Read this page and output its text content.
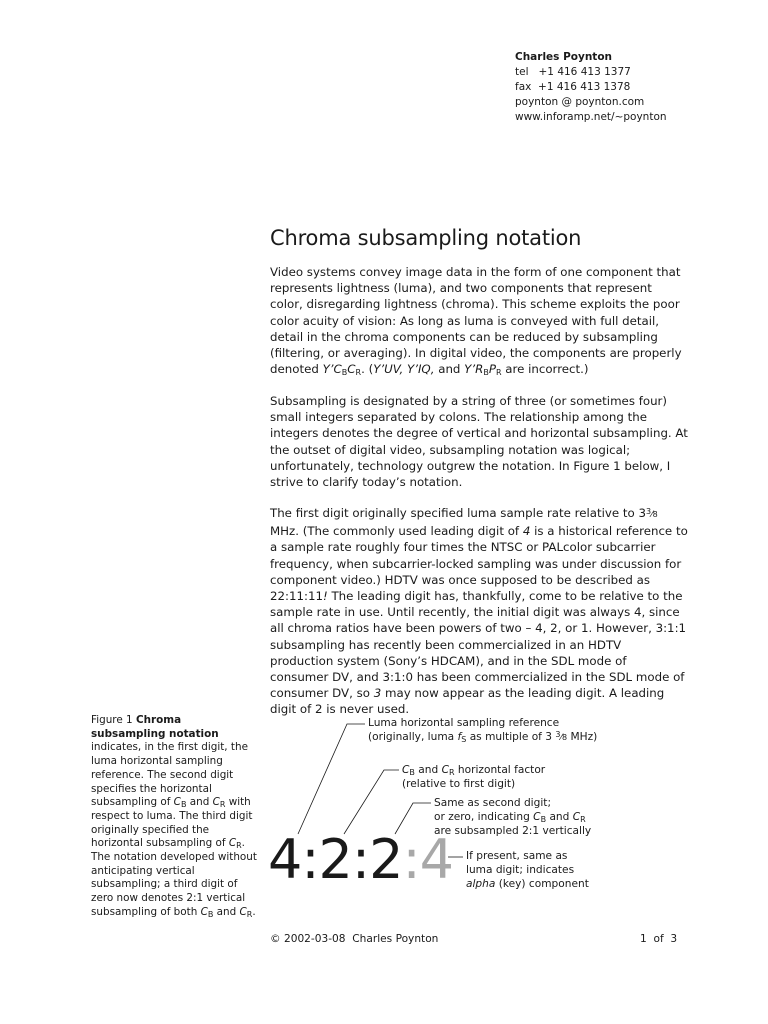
Charles Poynton
tel   +1 416 413 1377
fax  +1 416 413 1378
poynton @ poynton.com
www.inforamp.net/~poynton
Chroma subsampling notation

Video systems convey image data in the form of one component that represents lightness (luma), and two components that represent color, disregarding lightness (chroma). This scheme exploits the poor color acuity of vision: As long as luma is conveyed with full detail, detail in the chroma components can be reduced by subsampling (filtering, or averaging). In digital video, the components are properly denoted $Y’C_BC_R$. (Y’UV, Y’IQ, and $Y’R_BP_R$ are incorrect.)

Subsampling is designated by a string of three (or sometimes four) small integers separated by colons. The relationship among the integers denotes the degree of vertical and horizontal subsampling. At the outset of digital video, subsampling notation was logical; unfortunately, technology outgrew the notation. In Figure 1 below, I strive to clarify today’s notation.

The first digit originally specified luma sample rate relative to $3^3⁄8$ MHz. (The commonly used leading digit of 4 is a historical reference to a sample rate roughly four times the NTSC or PALcolor subcarrier frequency, when subcarrier-locked sampling was under discussion for component video.) HDTV was once supposed to be described as 22:11:11! The leading digit has, thankfully, come to be relative to the sample rate in use. Until recently, the initial digit was always 4, since all chroma ratios have been powers of two – 4, 2, or 1. However, 3:1:1 subsampling has recently been commercialized in an HDTV production system (Sony’s HDCAM), and in the SDL mode of consumer DV, and 3:1:0 has been commercialized in the SDL mode of consumer DV, so 3 may now appear as the leading digit. A leading digit of 2 is never used.

Figure 1 Chroma subsampling notation indicates, in the first digit, the luma horizontal sampling reference. The second digit specifies the horizontal subsampling of $C_B$ and $C_R$ with respect to luma. The third digit originally specified the horizontal subsampling of $C_R$. The notation developed without anticipating vertical subsampling; a third digit of zero now denotes 2:1 vertical subsampling of both $C_B$ and $C_R$.

4:2:2:4
Luma horizontal sampling reference
(originally, luma $f_S$ as multiple of 3 $^3$⁄8 MHz)
$C_B$ and $C_R$ horizontal factor
(relative to first digit)
Same as second digit;
or zero, indicating $C_B$ and $C_R$
are subsampled 2:1 vertically
If present, same as
luma digit; indicates
alpha (key) component
© 2002-03-08  Charles Poynton	1  of  3
